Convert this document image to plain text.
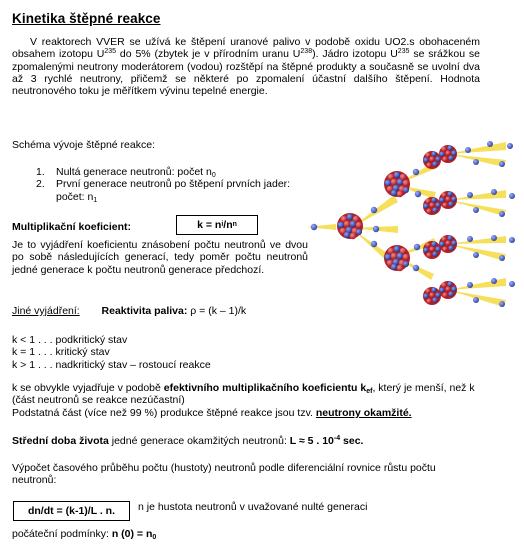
Kinetika štěpné reakce
V reaktorech VVER se užívá ke štěpení uranové palivo v podobě oxidu UO2.s obohaceném obsahem izotopu $U^{235}$ do 5% (zbytek je v přírodním uranu $U^{238}$). Jádro izotopu $U^{235}$ se srážkou se zpomalenými neutrony moderátorem (vodou) rozštěpí na štěpné produkty a současně se uvolní dva až 3 rychlé neutrony, přičemž se některé po zpomalení účastní dalšího štěpení. Hodnota neutronového toku je měřítkem vývinu tepelné energie.
Schéma vývoje štěpné reakce:
1. Nultá generace neutronů: počet $n_0$
2. První generace neutronů po štěpení prvních jader:
počet: $n_1$
Multiplikační koeficient:	k = n i /n n
Je to vyjádření koeficientu znásobení počtu neutronů ve dvou po sobě následujících generací, tedy poměr počtu neutronů jedné generace k počtu neutronů generace předchozí.
Jiné vyjádření: Reaktivita paliva: ρ = (k – 1)/k
k < 1 . . . podkritický stav
k = 1 . . . kritický stav
k > 1 . . . nadkritický stav – rostoucí reakce
k se obvykle vyjadřuje v podobě efektivního multiplikačního koeficientu $k_{ef}$, který je menší, než k (část neutronů se reakce nezúčastní)
Podstatná část (více než 99 %) produkce štěpné reakce jsou tzv. neutrony okamžité.
Střední doba života jedné generace okamžitých neutronů: L ≈ 5 . $10^{-4}$ sec.
Výpočet časového průběhu počtu (hustoty) neutronů podle diferenciální rovnice růstu počtu neutronů:
dn/dt = (k-1)/L . n.	n je hustota neutronů v uvažované nulté generaci
počáteční podmínky: n $(0) = n_0$
